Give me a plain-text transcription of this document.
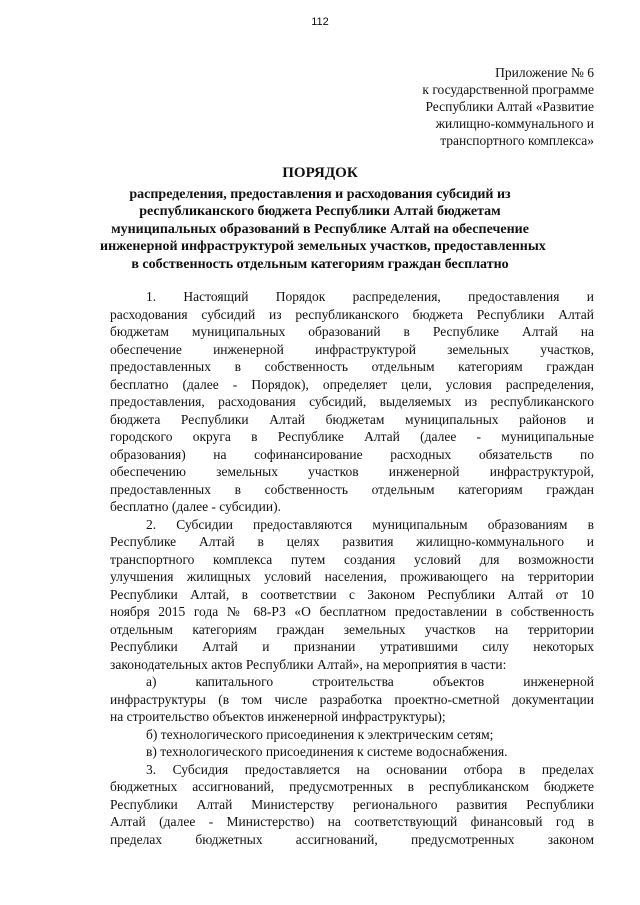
112
Приложение № 6
к государственной программе
Республики Алтай «Развитие
жилищно-коммунального и
транспортного комплекса»
ПОРЯДОК
распределения, предоставления и расходования субсидий из
республиканского бюджета Республики Алтай бюджетам
муниципальных образований в Республике Алтай на обеспечение
инженерной инфраструктурой земельных участков, предоставленных
в собственность отдельным категориям граждан бесплатно
1. Настоящий Порядок распределения, предоставления и
расходования субсидий из республиканского бюджета Республики Алтай
бюджетам муниципальных образований в Республике Алтай на
обеспечение инженерной инфраструктурой земельных участков,
предоставленных в собственность отдельным категориям граждан
бесплатно (далее - Порядок), определяет цели, условия распределения,
предоставления, расходования субсидий, выделяемых из республиканского
бюджета Республики Алтай бюджетам муниципальных районов и
городского округа в Республике Алтай (далее - муниципальные
образования) на софинансирование расходных обязательств по
обеспечению земельных участков инженерной инфраструктурой,
предоставленных в собственность отдельным категориям граждан
бесплатно (далее - субсидии).
2. Субсидии предоставляются муниципальным образованиям в
Республике Алтай в целях развития жилищно-коммунального и
транспортного комплекса путем создания условий для возможности
улучшения жилищных условий населения, проживающего на территории
Республики Алтай, в соответствии с Законом Республики Алтай от 10
ноября 2015 года № 68-РЗ «О бесплатном предоставлении в собственность
отдельным категориям граждан земельных участков на территории
Республики Алтай и признании утратившими силу некоторых
законодательных актов Республики Алтай», на мероприятия в части:
а) капитального строительства объектов инженерной
инфраструктуры (в том числе разработка проектно-сметной документации
на строительство объектов инженерной инфраструктуры);
б) технологического присоединения к электрическим сетям;
в) технологического присоединения к системе водоснабжения.
3. Субсидия предоставляется на основании отбора в пределах
бюджетных ассигнований, предусмотренных в республиканском бюджете
Республики Алтай Министерству регионального развития Республики
Алтай (далее - Министерство) на соответствующий финансовый год в
пределах бюджетных ассигнований, предусмотренных законом
